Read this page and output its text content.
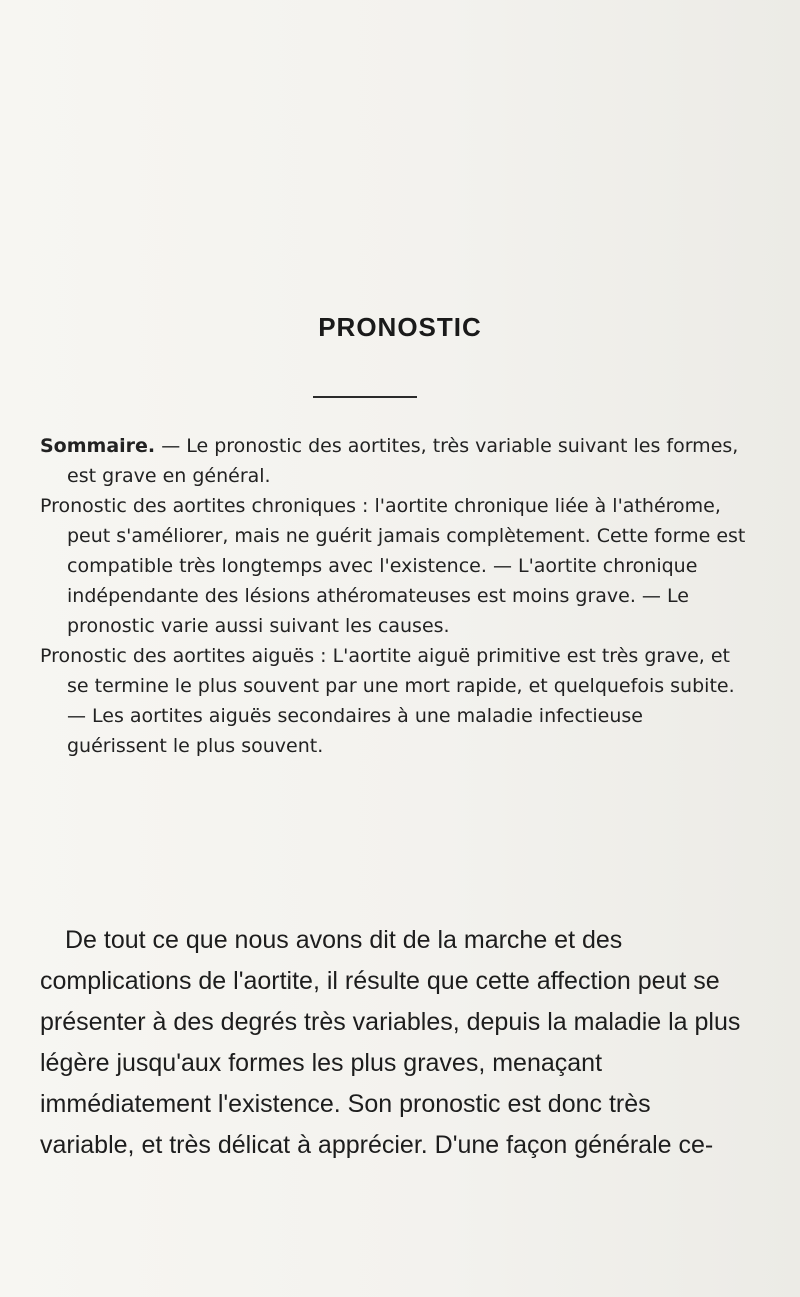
PRONOSTIC

Sommaire. — Le pronostic des aortites, très variable suivant les formes, est grave en général.

Pronostic des aortites chroniques : l'aortite chronique liée à l'athérome, peut s'améliorer, mais ne guérit jamais complètement. Cette forme est compatible très longtemps avec l'existence. — L'aortite chronique indépendante des lésions athéromateuses est moins grave. — Le pronostic varie aussi suivant les causes.

Pronostic des aortites aiguës : L'aortite aiguë primitive est très grave, et se termine le plus souvent par une mort rapide, et quelquefois subite. — Les aortites aiguës secondaires à une maladie infectieuse guérissent le plus souvent.

De tout ce que nous avons dit de la marche et des complications de l'aortite, il résulte que cette affection peut se présenter à des degrés très variables, depuis la maladie la plus légère jusqu'aux formes les plus graves, menaçant immédiatement l'existence. Son pronostic est donc très variable, et très délicat à apprécier. D'une façon générale ce-
